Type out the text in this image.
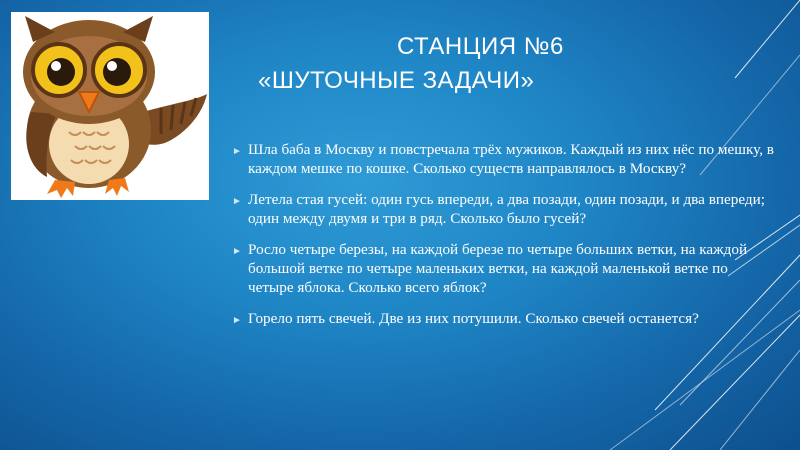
СТАНЦИЯ №6
«ШУТОЧНЫЕ ЗАДАЧИ»
► Шла баба в Москву и повстречала трёх мужиков. Каждый из них нёс по мешку, в каждом мешке по кошке. Сколько существ направлялось в Москву?
► Летела стая гусей: один гусь впереди, а два позади, один позади, и два впереди; один между двумя и три в ряд. Сколько было гусей?
► Росло четыре березы, на каждой березе по четыре больших ветки, на каждой большой ветке по четыре маленьких ветки, на каждой маленькой ветке по четыре яблока. Сколько всего яблок?
► Горело пять свечей. Две из них потушили. Сколько свечей останется?
